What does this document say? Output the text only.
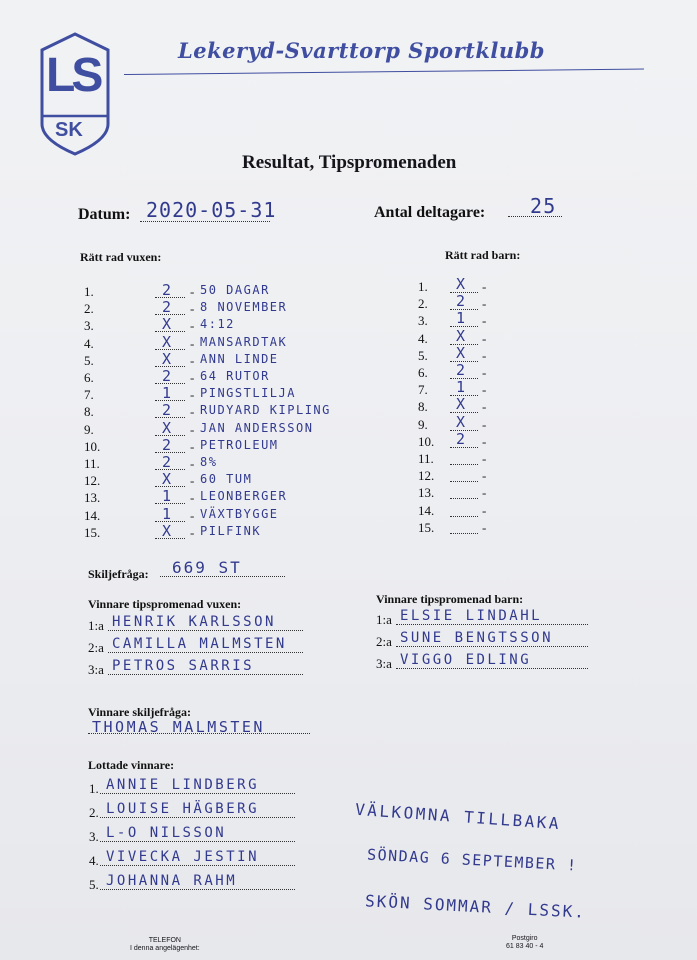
LS
SK
Lekeryd-Svarttorp Sportklubb
Resultat, Tipspromenaden
Datum: 2020-05-31	Antal deltagare: 25
Rätt rad vuxen:
1.	2 - 50 DAGAR
2.	2 - 8 NOVEMBER
3.	X - 4:12
4.	X - MANSARDTAK
5.	X - ANN LINDE
6.	2 - 64 RUTOR
7.	1 - PINGSTLILJA
8.	2 - RUDYARD KIPLING
9.	X - JAN ANDERSSON
10.	2 - PETROLEUM
11.	2 - 8%
12.	X - 60 TUM
13.	1 - LEONBERGER
14.	1 - VÄXTBYGGE
15.	X - PILFINK
Rätt rad barn:
1. X -
2. 2 -
3. 1 -
4. X -
5. X -
6. 2 -
7. 1 -
8. X -
9. X -
10. 2 -
11.	-
12.	-
13.	-
14.	-
15.	-
Skiljefråga: 669 ST
Vinnare tipspromenad vuxen:
1:a HENRIK KARLSSON
2:a CAMILLA MALMSTEN
3:a PETROS SARRIS
Vinnare tipspromenad barn:
1:a ELSIE LINDAHL
2:a SUNE BENGTSSON
3:a VIGGO EDLING
Vinnare skiljefråga:
THOMAS MALMSTEN
Lottade vinnare:
1. ANNIE LINDBERG
2. LOUISE HÄGBERG
3. L-O NILSSON
4. VIVECKA JESTIN
5. JOHANNA RAHM
VÄLKOMNA TILLBAKA
SÖNDAG 6 SEPTEMBER !
SKÖN SOMMAR / LSSK.
TELEFON
I denna angelägenhet:
Postgiro
61 83 40 - 4
